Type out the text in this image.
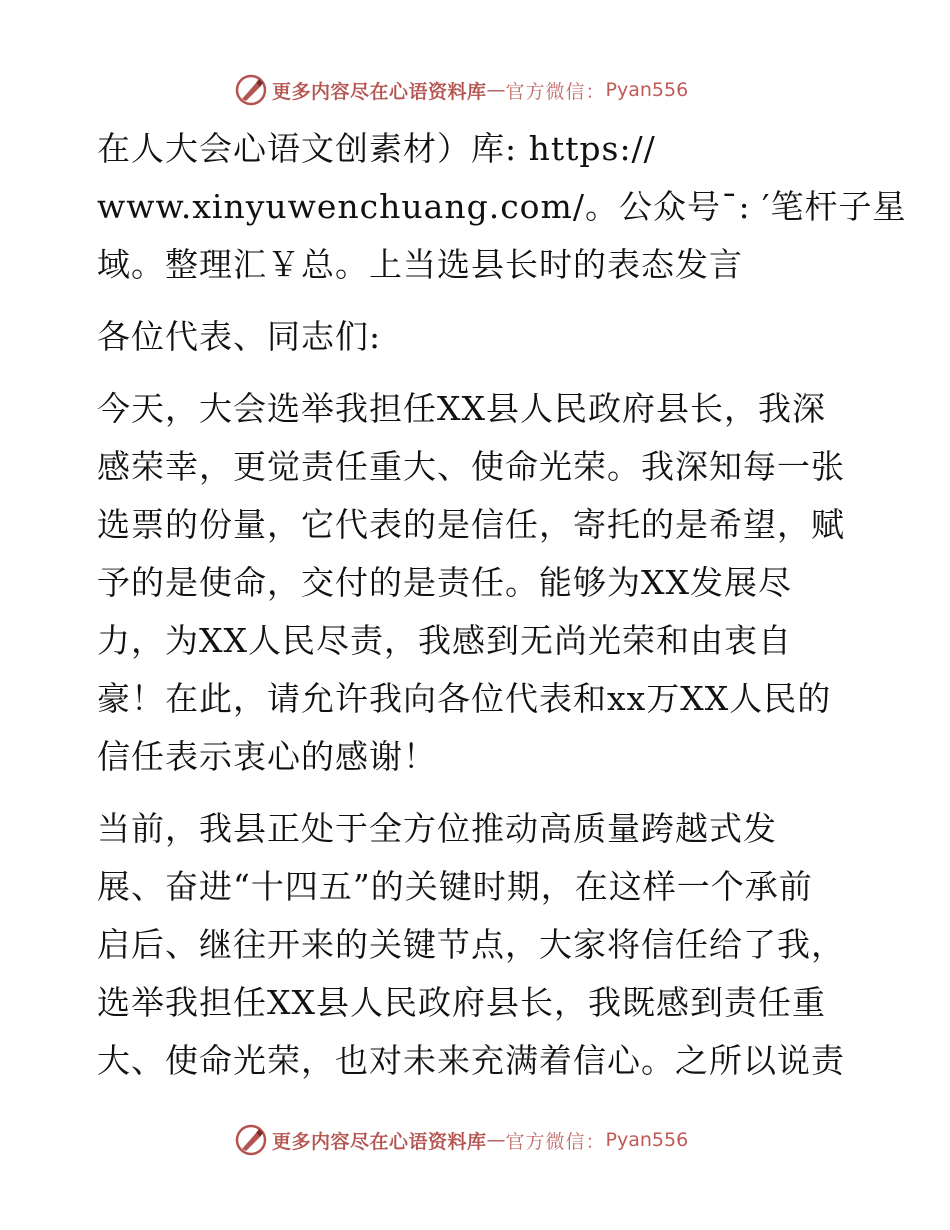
更多内容尽在心语资料库 — 官方微信： Pyan556
在人大会心语文创素材）库: https://
www.xinyuwenchuang.com/。公众号¯: ′笔杆子星
域。整理汇￥总。上当选县长时的表态发言
各位代表、同志们:
今天，大会选举我担任XX县人民政府县长，我深
感荣幸，更觉责任重大、使命光荣。我深知每一张
选票的份量，它代表的是信任，寄托的是希望，赋
予的是使命，交付的是责任。能够为XX发展尽
力，为XX人民尽责，我感到无尚光荣和由衷自
豪！在此，请允许我向各位代表和xx万XX人民的
信任表示衷心的感谢！
当前，我县正处于全方位推动高质量跨越式发
展、奋进“十四五”的关键时期，在这样一个承前
启后、继往开来的关键节点，大家将信任给了我，
选举我担任XX县人民政府县长，我既感到责任重
大、使命光荣，也对未来充满着信心。之所以说责
更多内容尽在心语资料库 — 官方微信： Pyan556
